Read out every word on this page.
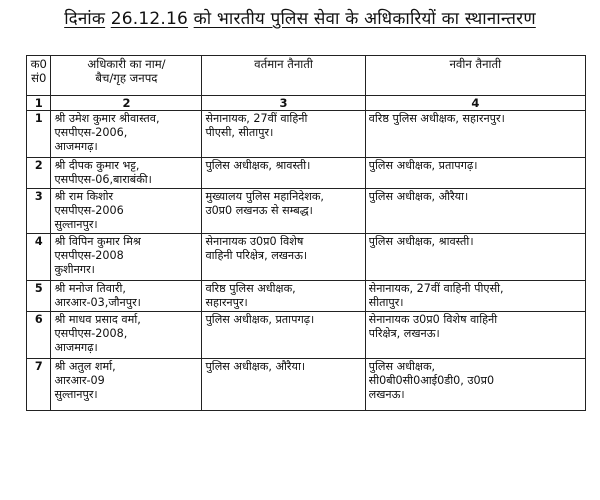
दिनांक 26.12.16 को भारतीय पुलिस सेवा के अधिकारियों का स्थानान्तरण
क0
सं0	अधिकारी का नाम/
बैच/गृह जनपद	वर्तमान तैनाती	नवीन तैनाती

1	2	3	4

1	श्री उमेश कुमार श्रीवास्तव,
एसपीएस-2006,
आजमगढ़।	सेनानायक, 27वीं वाहिनी
पीएसी, सीतापुर।	वरिष्ठ पुलिस अधीक्षक, सहारनपुर।

2	श्री दीपक कुमार भट्ट,
एसपीएस-06,बाराबंकी।	पुलिस अधीक्षक, श्रावस्ती।	पुलिस अधीक्षक, प्रतापगढ़।

3	श्री राम किशोर
एसपीएस-2006
सुल्तानपुर।	मुख्यालय पुलिस महानिदेशक,
उ0प्र0 लखनऊ से सम्बद्ध।	पुलिस अधीक्षक, औरैया।

4	श्री विपिन कुमार मिश्र
एसपीएस-2008
कुशीनगर।	सेनानायक उ0प्र0 विशेष
वाहिनी परिक्षेत्र, लखनऊ।	पुलिस अधीक्षक, श्रावस्ती।

5	श्री मनोज तिवारी,
आरआर-03,जौनपुर।	वरिष्ठ पुलिस अधीक्षक,
सहारनपुर।	सेनानायक, 27वीं वाहिनी पीएसी,
सीतापुर।

6	श्री माधव प्रसाद वर्मा,
एसपीएस-2008,
आजमगढ़।	पुलिस अधीक्षक, प्रतापगढ़।	सेनानायक उ0प्र0 विशेष वाहिनी
परिक्षेत्र, लखनऊ।

7	श्री अतुल शर्मा,
आरआर-09
सुल्तानपुर।	पुलिस अधीक्षक, औरैया।	पुलिस अधीक्षक,
सी0बी0सी0आई0डी0, उ0प्र0
लखनऊ।
